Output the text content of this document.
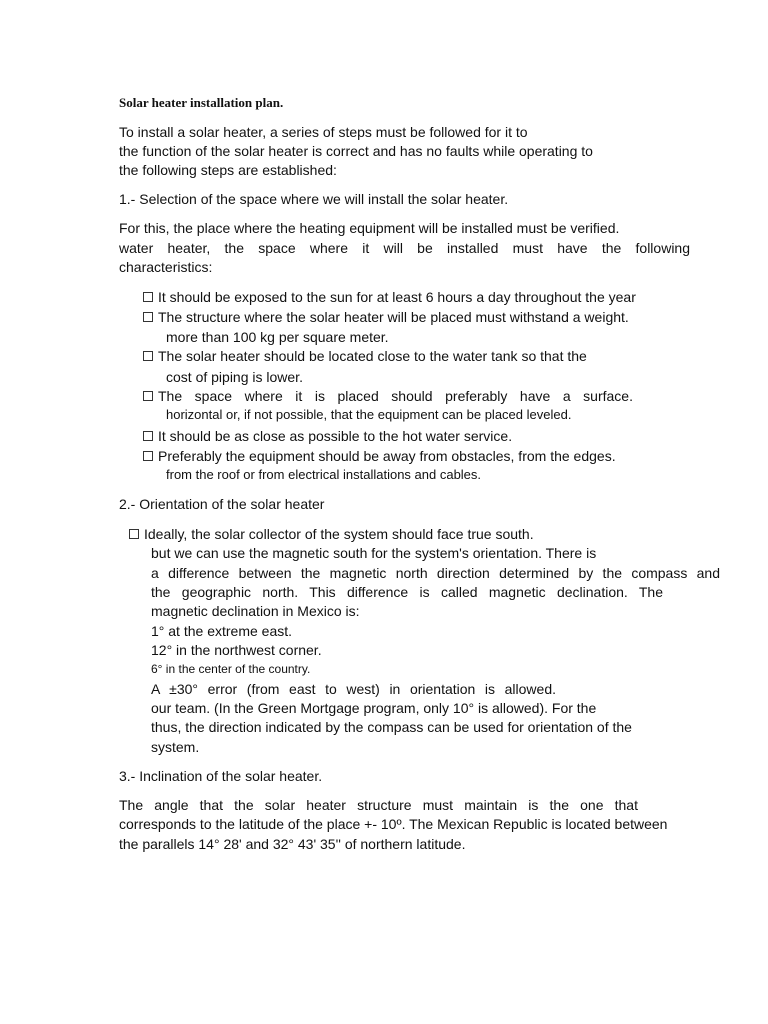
Solar heater installation plan.
To install a solar heater, a series of steps must be followed for it to
the function of the solar heater is correct and has no faults while operating to
the following steps are established:
1.- Selection of the space where we will install the solar heater.
For this, the place where the heating equipment will be installed must be verified.
water heater, the space where it will be installed must have the following
characteristics:
It should be exposed to the sun for at least 6 hours a day throughout the year
The structure where the solar heater will be placed must withstand a weight.
more than 100 kg per square meter.
The solar heater should be located close to the water tank so that the
cost of piping is lower.
The space where it is placed should preferably have a surface.
horizontal or, if not possible, that the equipment can be placed leveled.
It should be as close as possible to the hot water service.
Preferably the equipment should be away from obstacles, from the edges.
from the roof or from electrical installations and cables.
2.- Orientation of the solar heater
Ideally, the solar collector of the system should face true south.
but we can use the magnetic south for the system's orientation. There is
a difference between the magnetic north direction determined by the compass and
the geographic north. This difference is called magnetic declination. The
magnetic declination in Mexico is:
1° at the extreme east.
12° in the northwest corner.
6° in the center of the country.
A ±30° error (from east to west) in orientation is allowed.
our team. (In the Green Mortgage program, only 10° is allowed). For the
thus, the direction indicated by the compass can be used for orientation of the
system.
3.- Inclination of the solar heater.
The angle that the solar heater structure must maintain is the one that
corresponds to the latitude of the place +- 10º. The Mexican Republic is located between
the parallels 14° 28' and 32° 43' 35'' of northern latitude.
